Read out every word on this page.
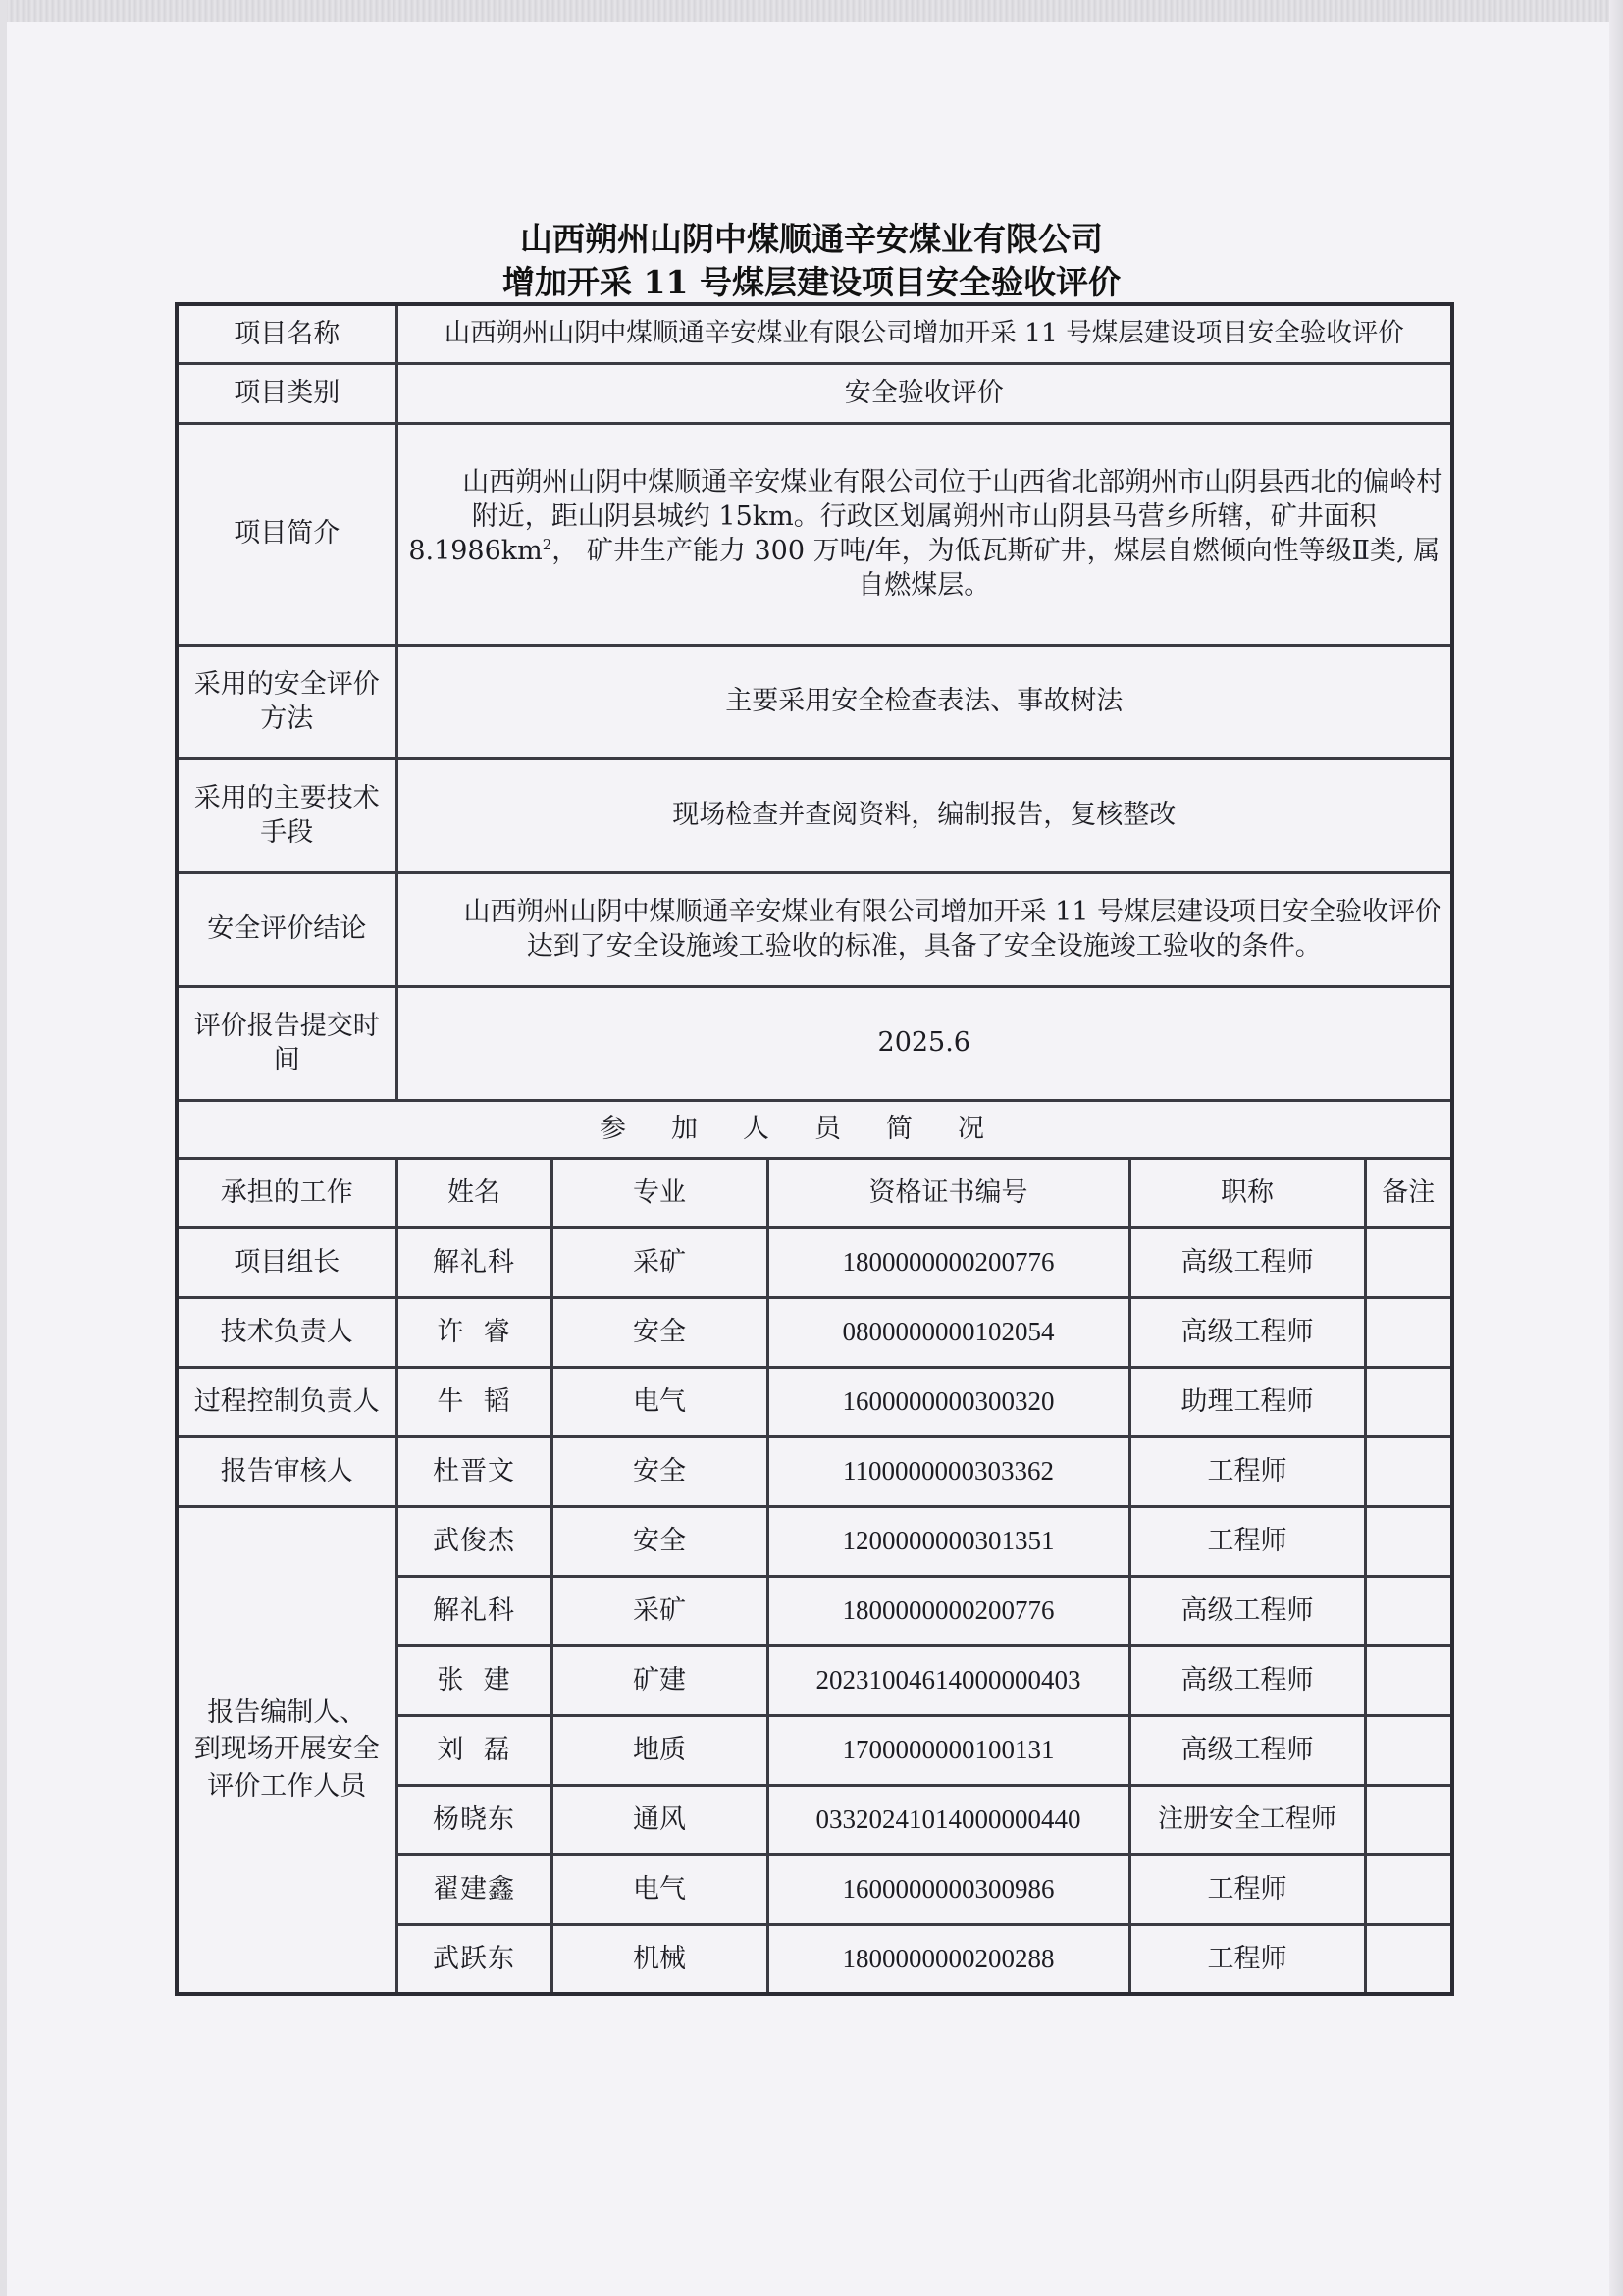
山西朔州山阴中煤顺通辛安煤业有限公司
增加开采 11 号煤层建设项目安全验收评价
项目名称	山西朔州山阴中煤顺通辛安煤业有限公司增加开采 11 号煤层建设项目安全验收评价				
项目类别	安全验收评价				
项目简介	山西朔州山阴中煤顺通辛安煤业有限公司位于山西省北部朔州市山阴县西北的偏岭村附近，距山阴县城约 15km。行政区划属朔州市山阴县马营乡所辖，矿井面积 $8.1986km^2$， 矿井生产能力 300 万吨/年，为低瓦斯矿井，煤层自燃倾向性等级Ⅱ类, 属自燃煤层。				
采用的安全评价
方法	主要采用安全检查表法、事故树法				
采用的主要技术
手段	现场检查并查阅资料，编制报告，复核整改				
安全评价结论	山西朔州山阴中煤顺通辛安煤业有限公司增加开采 11 号煤层建设项目安全验收评价达到了安全设施竣工验收的标准，具备了安全设施竣工验收的条件。				
评价报告提交时
间	2025.6				
参加人员简况					
承担的工作	姓名	专业	资格证书编号	职称	备注
项目组长	解礼科	采矿	1800000000200776	高级工程师	
技术负责人	许  睿	安全	0800000000102054	高级工程师	
过程控制负责人	牛  韬	电气	1600000000300320	助理工程师	
报告审核人	杜晋文	安全	1100000000303362	工程师	
报告编制人、
到现场开展安全
评价工作人员	武俊杰	安全	1200000000301351	工程师	
	解礼科	采矿	1800000000200776	高级工程师	
	张  建	矿建	20231004614000000403	高级工程师	
	刘  磊	地质	1700000000100131	高级工程师	
	杨晓东	通风	03320241014000000440	注册安全工程师	
	翟建鑫	电气	1600000000300986	工程师	
	武跃东	机械	1800000000200288	工程师	
